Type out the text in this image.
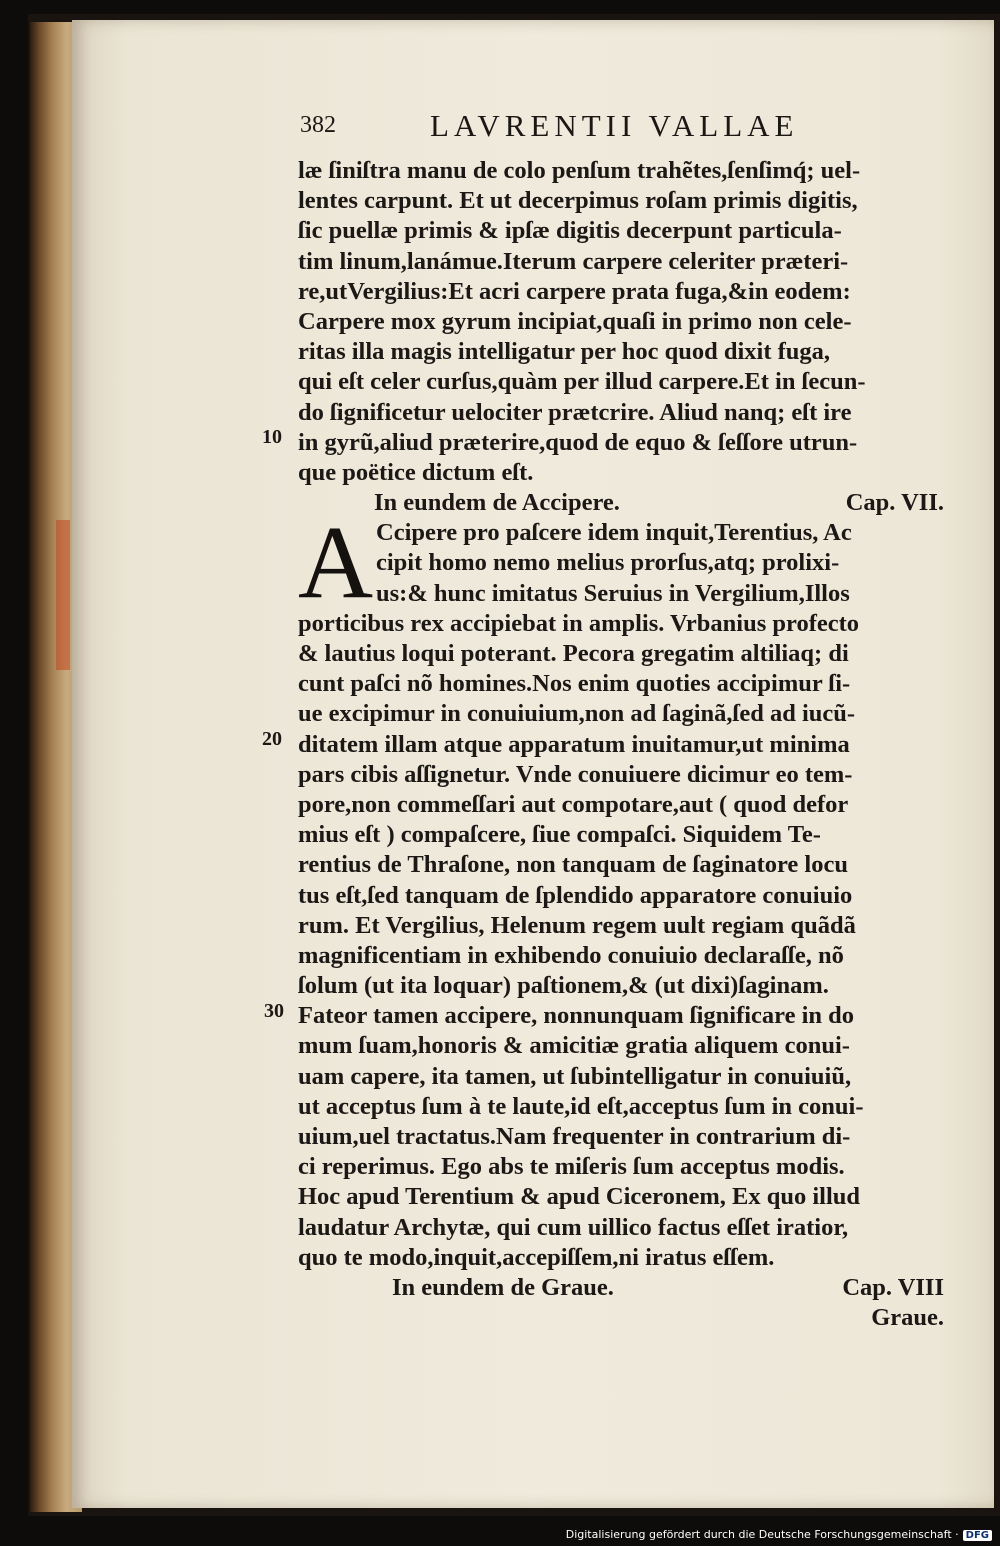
382	LAVRENTII VALLAE
A
læ ſiniſtra manu de colo penſum trahẽtes,ſenſimq́; uel-
lentes carpunt. Et ut decerpimus roſam primis digitis,
ſic puellæ primis & ipſæ digitis decerpunt particula-
tim linum,lanámue.Iterum carpere celeriter præteri-
re,utVergilius:Et acri carpere prata fuga,&in eodem:
Carpere mox gyrum incipiat,quaſi in primo non cele-
ritas illa magis intelligatur per hoc quod dixit fuga,
qui eſt celer curſus,quàm per illud carpere.Et in ſecun-
do ſignificetur uelociter prætcrire. Aliud nanq; eſt ire
in gyrũ,aliud præterire,quod de equo & ſeſſore utrun-
que poëtice dictum eſt.
In eundem de Accipere.	Cap. VII.
Ccipere pro paſcere idem inquit,Terentius, Ac
cipit homo nemo melius prorſus,atq; prolixi-
us:& hunc imitatus Seruius in Vergilium,Illos
porticibus rex accipiebat in amplis. Vrbanius profecto
& lautius loqui poterant. Pecora gregatim altiliaq; di
cunt paſci nõ homines.Nos enim quoties accipimur ſi-
ue excipimur in conuiuium,non ad ſaginã,ſed ad iucũ-
ditatem illam atque apparatum inuitamur,ut minima
pars cibis aſſignetur. Vnde conuiuere dicimur eo tem-
pore,non commeſſari aut compotare,aut ( quod defor
mius eſt ) compaſcere, ſiue compaſci. Siquidem Te-
rentius de Thraſone, non tanquam de ſaginatore locu
tus eſt,ſed tanquam de ſplendido apparatore conuiuio
rum. Et Vergilius, Helenum regem uult regiam quãdã
magnificentiam in exhibendo conuiuio declaraſſe, nõ
ſolum (ut ita loquar) paſtionem,& (ut dixi)ſaginam.
Fateor tamen accipere, nonnunquam ſignificare in do
mum ſuam,honoris & amicitiæ gratia aliquem conui-
uam capere, ita tamen, ut ſubintelligatur in conuiuiũ,
ut acceptus ſum à te laute,id eſt,acceptus ſum in conui-
uium,uel tractatus.Nam frequenter in contrarium di-
ci reperimus. Ego abs te miſeris ſum acceptus modis.
Hoc apud Terentium & apud Ciceronem, Ex quo illud
laudatur Archytæ, qui cum uillico factus eſſet iratior,
quo te modo,inquit,accepiſſem,ni iratus eſſem.
In eundem de Graue.	Cap. VIII
Graue.
10
20
30
Digitalisierung gefördert durch die Deutsche Forschungsgemeinschaft · DFG
